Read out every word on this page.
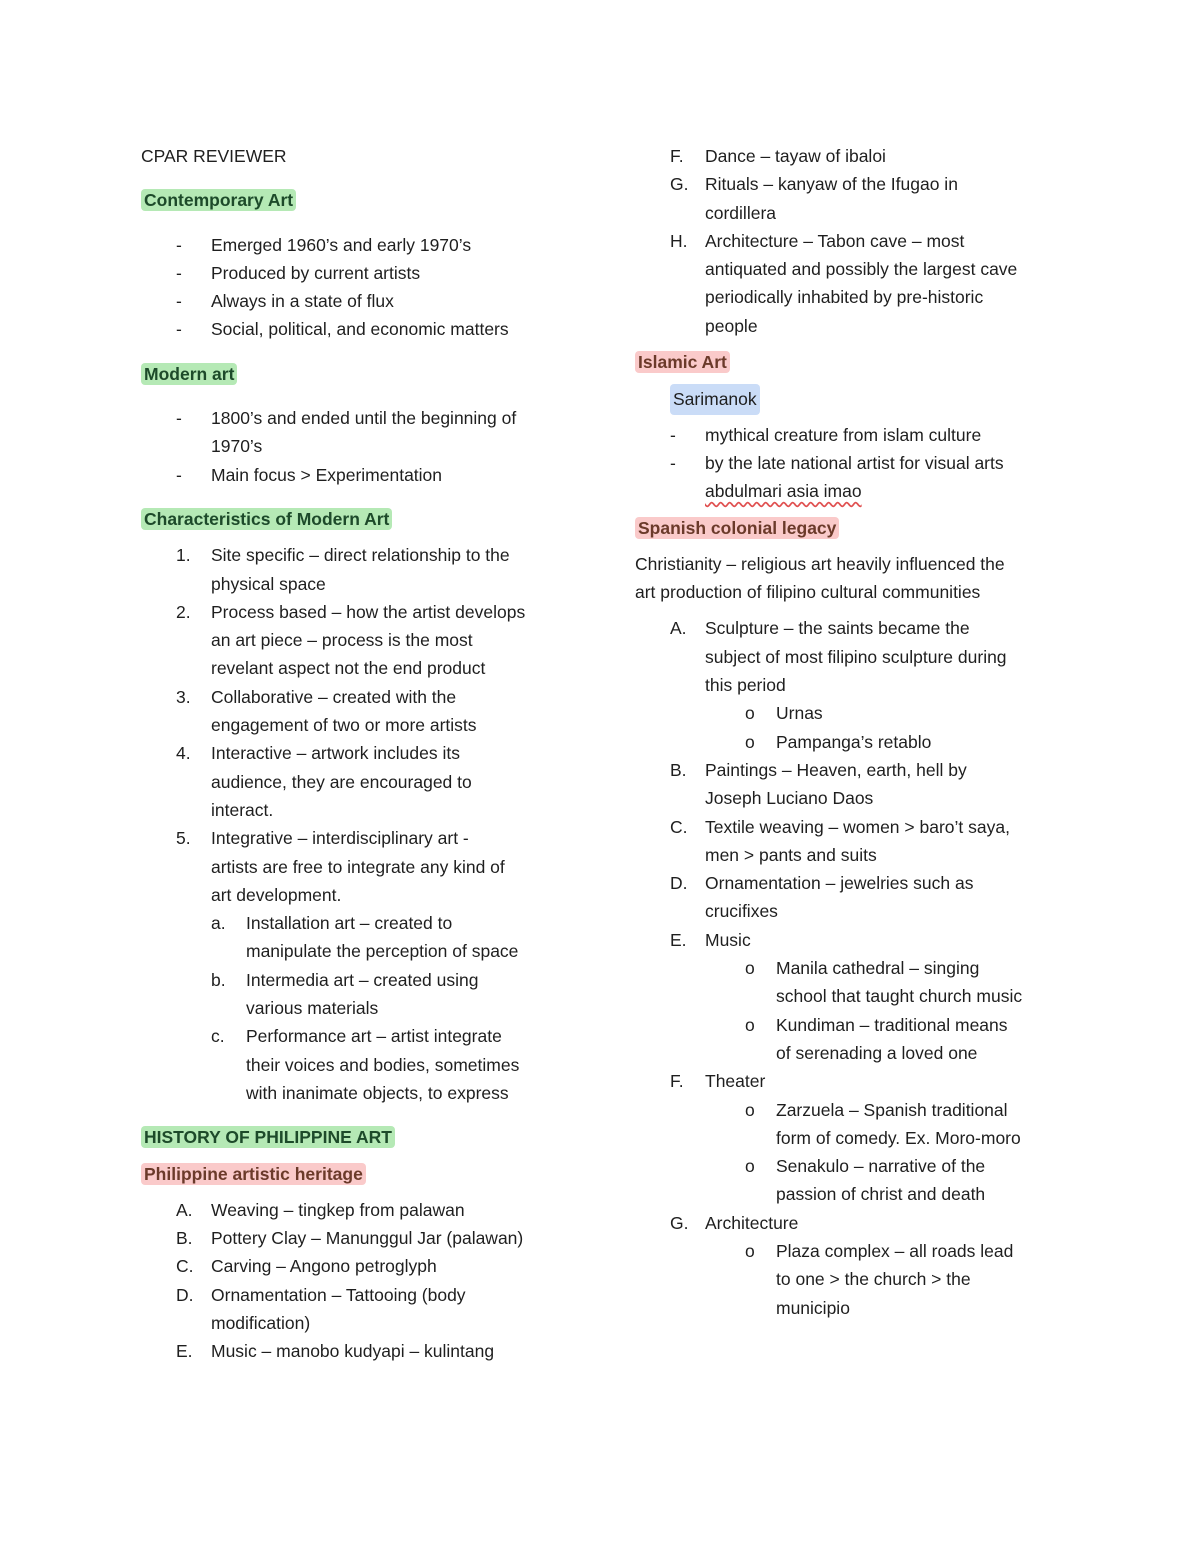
CPAR REVIEWER
Contemporary Art
- Emerged 1960’s and early 1970’s
- Produced by current artists
- Always in a state of flux
- Social, political, and economic matters
Modern art
- 1800’s and ended until the beginning of
1970’s
- Main focus > Experimentation
Characteristics of Modern Art
1. Site specific – direct relationship to the
physical space
2. Process based – how the artist develops
an art piece – process is the most
revelant aspect not the end product
3. Collaborative – created with the
engagement of two or more artists
4. Interactive – artwork includes its
audience, they are encouraged to
interact.
5. Integrative – interdisciplinary art -
artists are free to integrate any kind of
art development.
a. Installation art – created to
manipulate the perception of space
b. Intermedia art – created using
various materials
c. Performance art – artist integrate
their voices and bodies, sometimes
with inanimate objects, to express
HISTORY OF PHILIPPINE ART
Philippine artistic heritage
A. Weaving – tingkep from palawan
B. Pottery Clay – Manunggul Jar (palawan)
C. Carving – Angono petroglyph
D. Ornamentation – Tattooing (body
modification)
E. Music – manobo kudyapi – kulintang
F. Dance – tayaw of ibaloi
G. Rituals – kanyaw of the Ifugao in
cordillera
H. Architecture – Tabon cave – most
antiquated and possibly the largest cave
periodically inhabited by pre-historic
people
Islamic Art
Sarimanok
- mythical creature from islam culture
- by the late national artist for visual arts
abdulmari asia imao
Spanish colonial legacy
Christianity – religious art heavily influenced the
art production of filipino cultural communities
A. Sculpture – the saints became the
subject of most filipino sculpture during
this period
o Urnas
o Pampanga’s retablo
B. Paintings – Heaven, earth, hell by
Joseph Luciano Daos
C. Textile weaving – women > baro’t saya,
men > pants and suits
D. Ornamentation – jewelries such as
crucifixes
E. Music
o Manila cathedral – singing
school that taught church music
o Kundiman – traditional means
of serenading a loved one
F. Theater
o Zarzuela – Spanish traditional
form of comedy. Ex. Moro-moro
o Senakulo – narrative of the
passion of christ and death
G. Architecture
o Plaza complex – all roads lead
to one > the church > the
municipio
